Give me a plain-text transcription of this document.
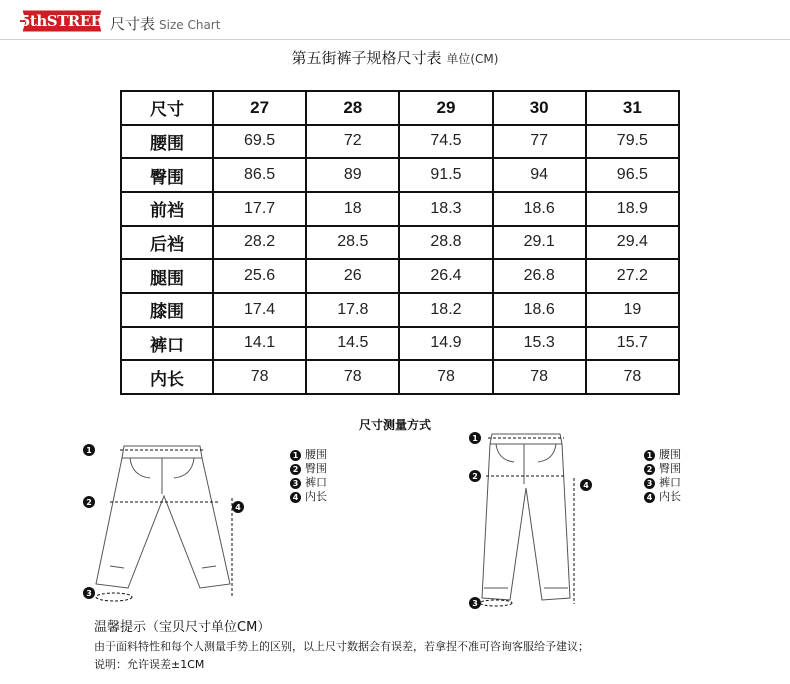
5thSTREET
尺寸表 Size Chart
第五街裤子规格尺寸表 单位(CM)
尺寸	27	28	29	30	31
腰围	69.5	72	74.5	77	79.5
臀围	86.5	89	91.5	94	96.5
前裆	17.7	18	18.3	18.6	18.9
后裆	28.2	28.5	28.8	29.1	29.4
腿围	25.6	26	26.4	26.8	27.2
膝围	17.4	17.8	18.2	18.6	19
裤口	14.1	14.5	14.9	15.3	15.7
内长	78	78	78	78	78
尺寸测量方式
1
2
3
4
1 腰围
2 臀围
3 裤口
4 内长
1
2
3
4
1 腰围
2 臀围
3 裤口
4 内长
温馨提示（宝贝尺寸单位CM）
由于面料特性和每个人测量手势上的区别，以上尺寸数据会有误差，若拿捏不准可咨询客服给予建议；
说明：允许误差±1CM
